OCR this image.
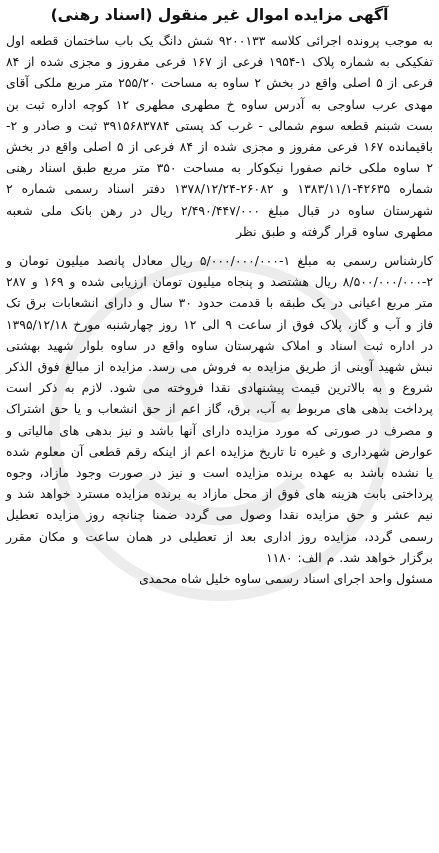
آگهی مزایده اموال غیر منقول (اسناد رهنی)

به موجب پرونده اجرائی کلاسه ۹۲۰۰۱۳۳ شش دانگ یک باب ساختمان قطعه اول تفکیکی به شماره پلاک ۱-۱۹۵۴ فرعی از ۱۶۷ فرعی مفروز و مجزی شده از ۸۴ فرعی از ۵ اصلی واقع در بخش ۲ ساوه به مساحت ۲۵۵/۲۰ متر مربع ملکی آقای مهدی عرب ساوجی به آدرس ساوه خ مطهری مطهری ۱۲ کوچه اداره ثبت بن بست شبنم قطعه سوم شمالی - غرب کد پستی ۳۹۱۵۶۸۳۷۸۴ ثبت و صادر و ۲- باقیمانده ۱۶۷ فرعی مفروز و مجزی شده از ۸۴ فرعی از ۵ اصلی واقع در بخش ۲ ساوه ملکی خانم صفورا نیکوکار به مساحت ۳۵۰ متر مربع طبق اسناد رهنی شماره ۴۲۶۳۵-۱۳۸۳/۱۱/۱ و ۲۶۰۸۲-۱۳۷۸/۱۲/۲۴ دفتر اسناد رسمی شماره ۲ شهرستان ساوه در قبال مبلغ ۲/۴۹۰/۴۴۷/۰۰۰ ریال در رهن بانک ملی شعبه مطهری ساوه قرار گرفته و طبق نظر

کارشناس رسمی به مبلغ ۱-۵/۰۰۰/۰۰۰/۰۰۰ ریال معادل پانصد میلیون تومان و ۲-۸/۵۰۰/۰۰۰/۰۰۰ ریال هشتصد و پنجاه میلیون تومان ارزیابی شده و ۱۶۹ و ۲۸۷ متر مربع اعیانی در یک طبقه با قدمت حدود ۳۰ سال و دارای انشعابات برق تک فاز و آب و گاز، پلاک فوق از ساعت ۹ الی ۱۲ روز چهارشنبه مورخ ۱۳۹۵/۱۲/۱۸ در اداره ثبت اسناد و املاک شهرستان ساوه واقع در ساوه بلوار شهید بهشتی نبش شهید آوینی از طریق مزایده به فروش می رسد. مزایده از مبالغ فوق الذکر شروع و به بالاترین قیمت پیشنهادی نقدا فروخته می شود. لازم به ذکر است پرداخت بدهی های مربوط به آب، برق، گاز اعم از حق انشعاب و یا حق اشتراک و مصرف در صورتی که مورد مزایده دارای آنها باشد و نیز بدهی های مالیاتی و عوارض شهرداری و غیره تا تاریخ مزایده اعم از اینکه رقم قطعی آن معلوم شده یا نشده باشد به عهده برنده مزایده است و نیز در صورت وجود مازاد، وجوه پرداختی بابت هزینه های فوق از محل مازاد به برنده مزایده مسترد خواهد شد و نیم عشر و حق مزایده نقدا وصول می گردد ضمنا چنانچه روز مزایده تعطیل رسمی گردد، مزایده روز اداری بعد از تعطیلی در همان ساعت و مکان مقرر برگزار خواهد شد. م الف: ۱۱۸۰

مسئول واحد اجرای اسناد رسمی ساوه خلیل شاه محمدی
